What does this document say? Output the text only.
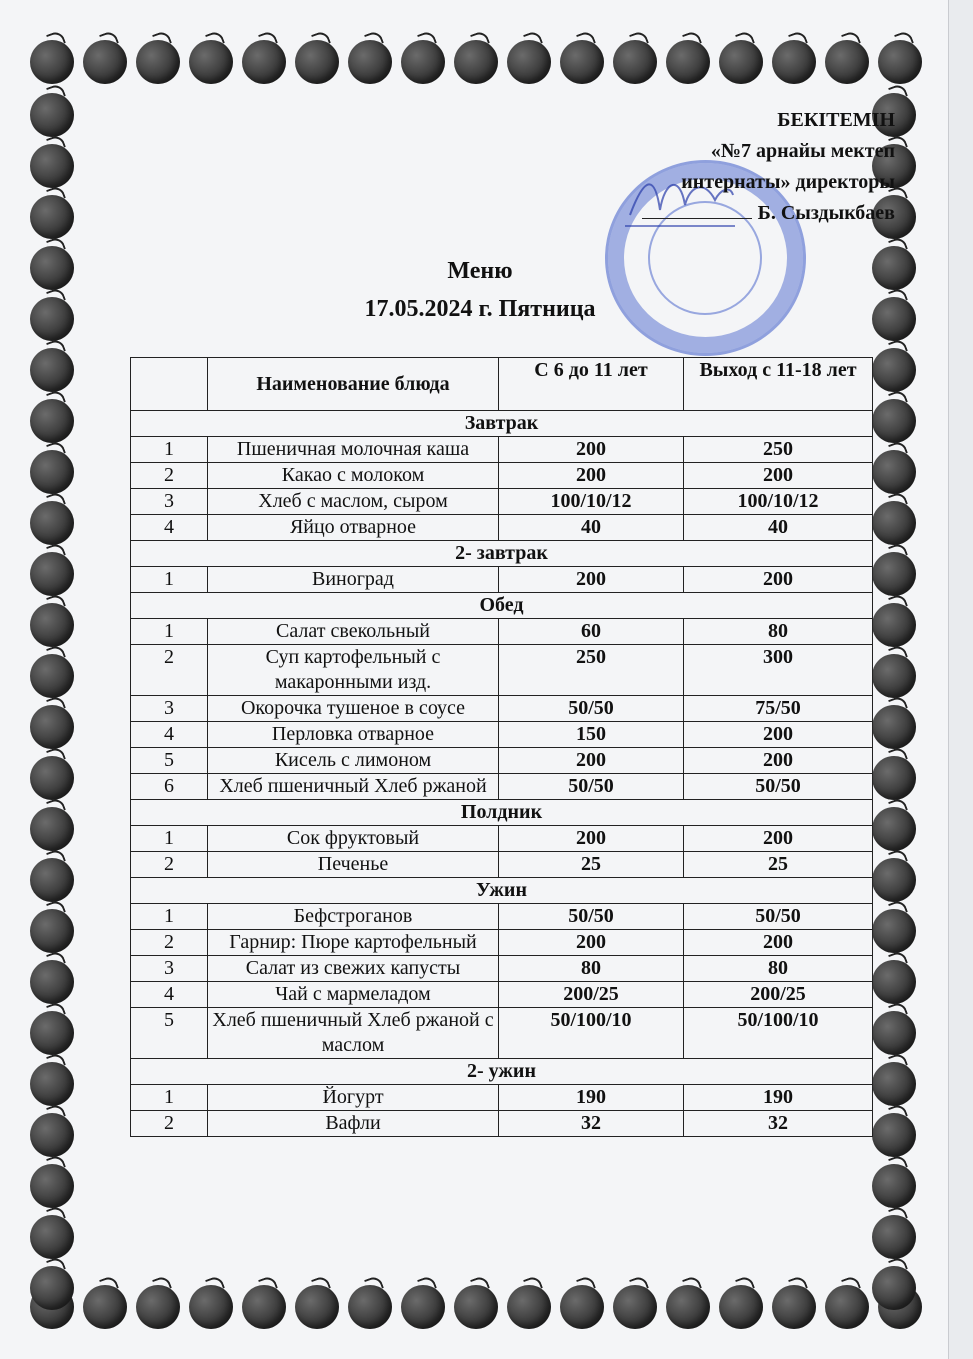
БЕКІТЕМІН
«№7 арнайы мектеп
интернаты» директоры
Б. Сыздыкбаев
Меню
17.05.2024 г. Пятница
	Наименование блюда	С 6 до 11 лет	Выход с 11-18 лет
Завтрак			
1	Пшеничная молочная каша	200	250
2	Какао с молоком	200	200
3	Хлеб с маслом, сыром	100/10/12	100/10/12
4	Яйцо отварное	40	40
2- завтрак			
1	Виноград	200	200
Обед			
1	Салат свекольный	60	80
2	Суп картофельный с макаронными изд.	250	300
3	Окорочка тушеное в соусе	50/50	75/50
4	Перловка отварное	150	200
5	Кисель с лимоном	200	200
6	Хлеб пшеничный Хлеб ржаной	50/50	50/50
Полдник			
1	Сок фруктовый	200	200
2	Печенье	25	25
Ужин			
1	Бефстроганов	50/50	50/50
2	Гарнир: Пюре картофельный	200	200
3	Салат из свежих капусты	80	80
4	Чай с мармеладом	200/25	200/25
5	Хлеб пшеничный Хлеб ржаной с маслом	50/100/10	50/100/10
2- ужин			
1	Йогурт	190	190
2	Вафли	32	32
